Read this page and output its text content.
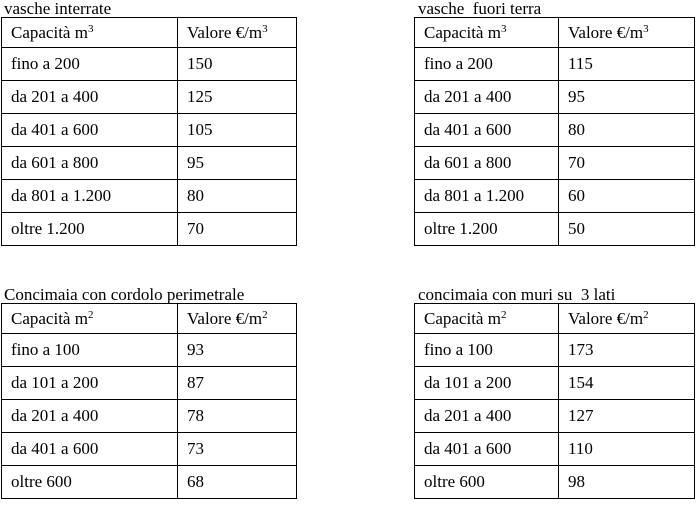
vasche interrate
Capacità $m^3$	Valore $€/m^3$
fino a 200	150
da 201 a 400	125
da 401 a 600	105
da 601 a 800	95
da 801 a 1.200	80
oltre 1.200	70
vasche  fuori terra
Capacità $m^3$	Valore $€/m^3$
fino a 200	115
da 201 a 400	95
da 401 a 600	80
da 601 a 800	70
da 801 a 1.200	60
oltre 1.200	50
Concimaia con cordolo perimetrale
Capacità $m^2$	Valore $€/m^2$
fino a 100	93
da 101 a 200	87
da 201 a 400	78
da 401 a 600	73
oltre 600	68
concimaia con muri su  3 lati
Capacità $m^2$	Valore $€/m^2$
fino a 100	173
da 101 a 200	154
da 201 a 400	127
da 401 a 600	110
oltre 600	98
